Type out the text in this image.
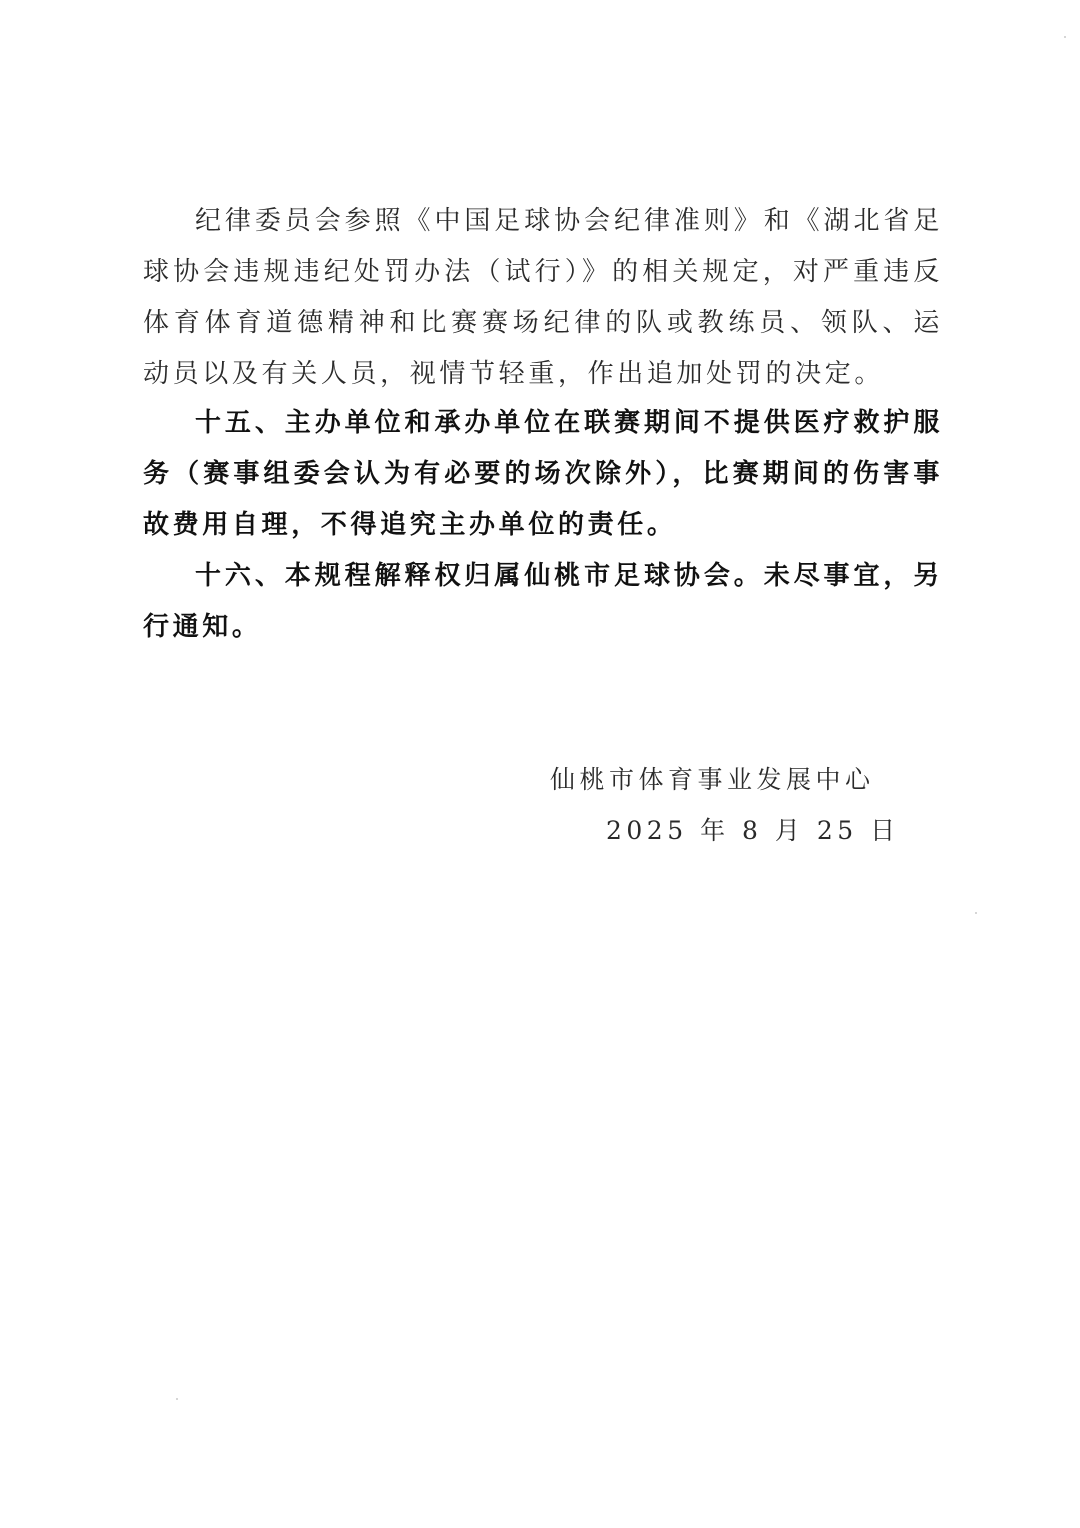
纪律委员会参照《中国足球协会纪律准则》和《湖北省足球协会违规违纪处罚办法（试行）》的相关规定，对严重违反体育体育道德精神和比赛赛场纪律的队或教练员、领队、运动员以及有关人员，视情节轻重，作出追加处罚的决定。

十五、主办单位和承办单位在联赛期间不提供医疗救护服务（赛事组委会认为有必要的场次除外），比赛期间的伤害事故费用自理，不得追究主办单位的责任。

十六、本规程解释权归属仙桃市足球协会。未尽事宜，另行通知。

仙桃市体育事业发展中心
2025 年 8 月 25 日
